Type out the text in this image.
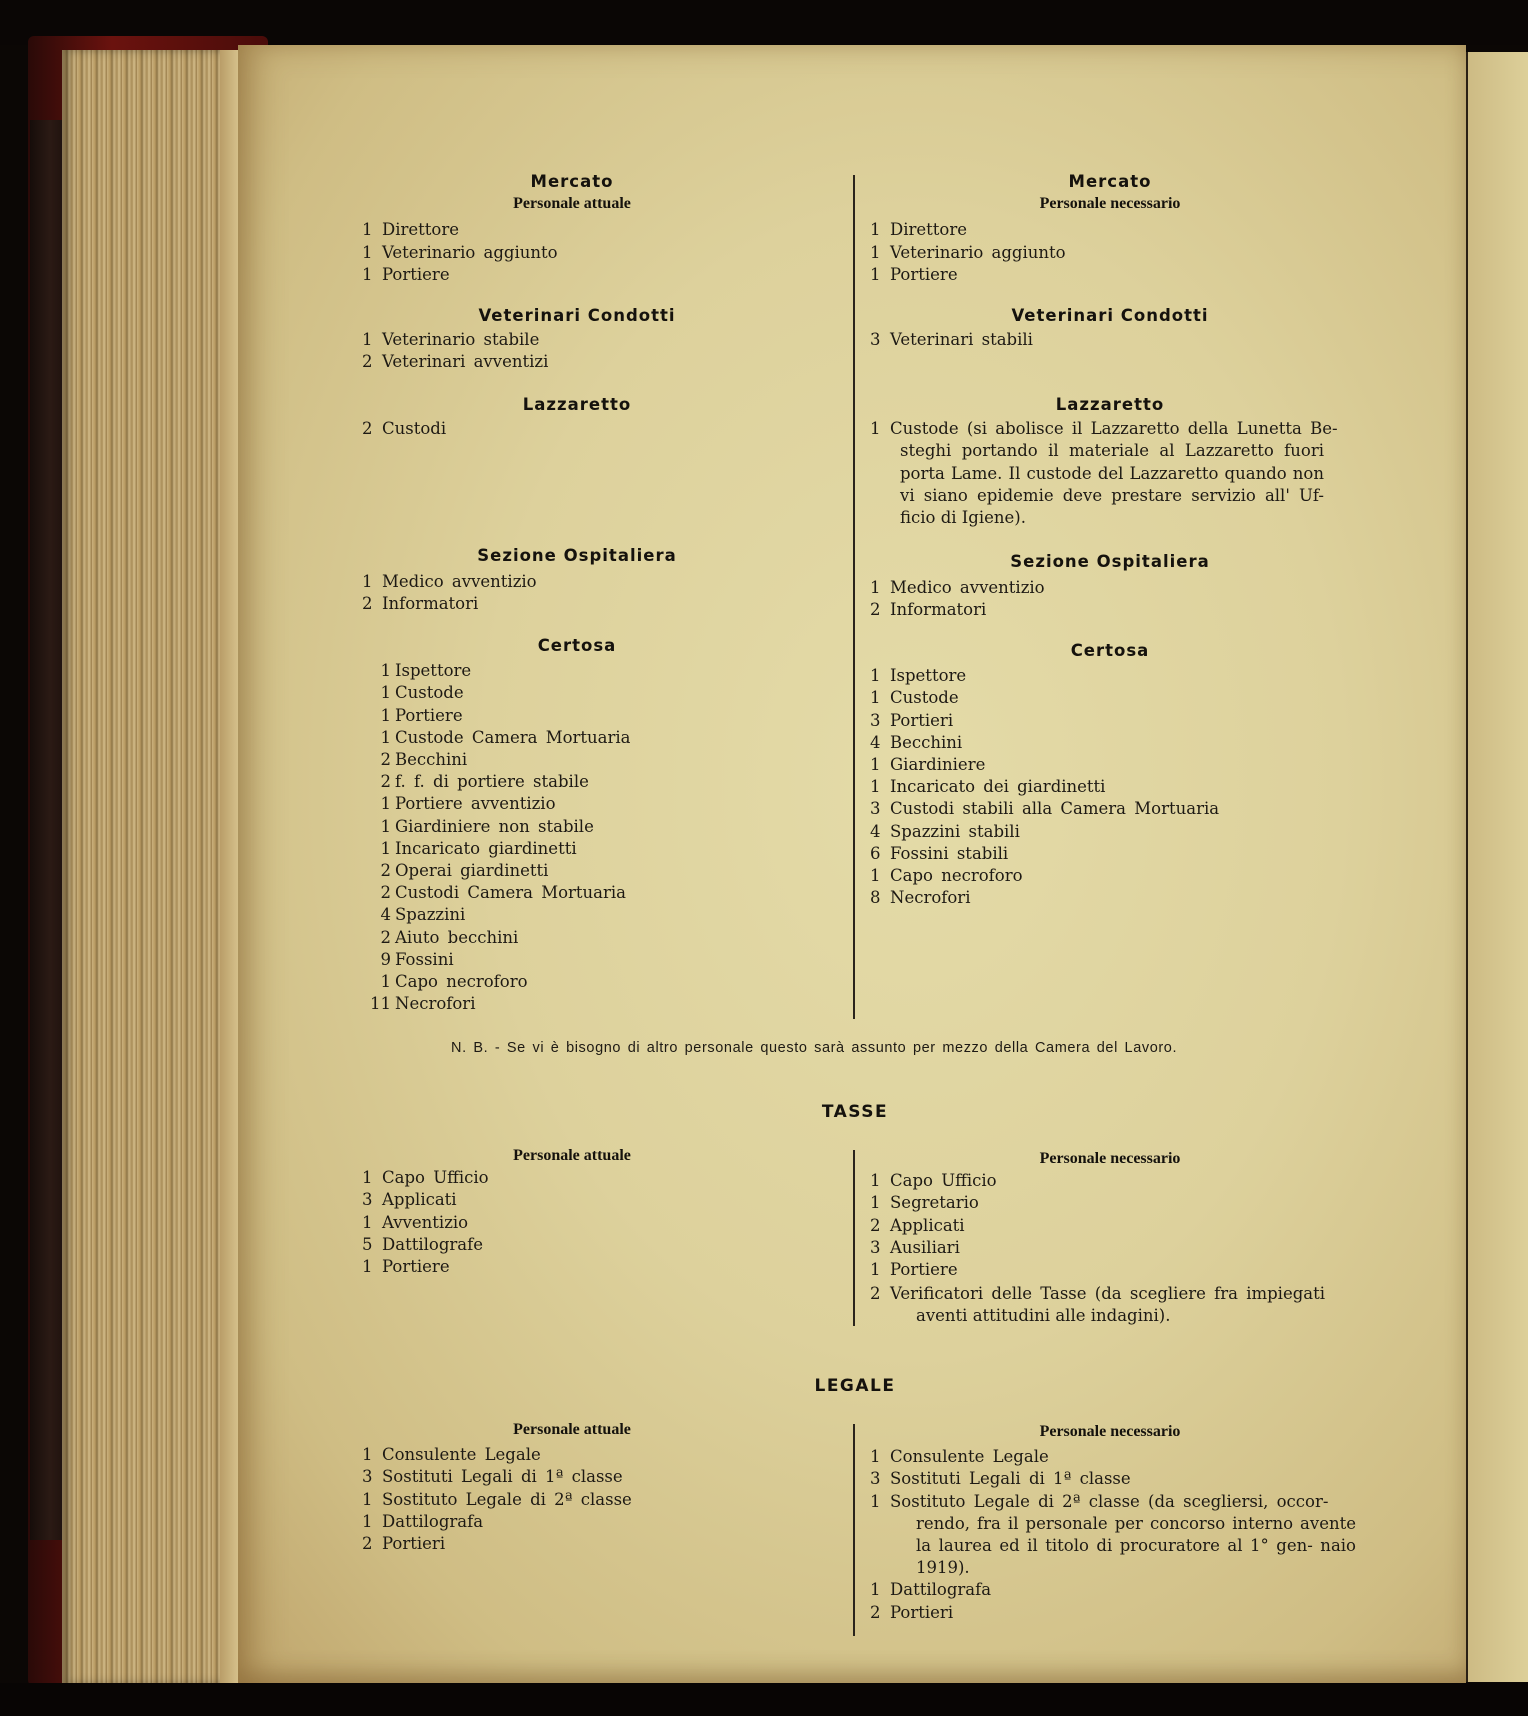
Mercato
Personale attuale
1 Direttore
1 Veterinario aggiunto
1 Portiere
Mercato
Personale necessario
1 Direttore
1 Veterinario aggiunto
1 Portiere
Veterinari Condotti
1 Veterinario stabile
2 Veterinari avventizi
Veterinari Condotti
3 Veterinari stabili
Lazzaretto
2 Custodi
Lazzaretto
1 Custode (si abolisce il Lazzaretto della Lunetta Be-
steghi portando il materiale al Lazzaretto fuori porta Lame. Il custode del Lazzaretto quando non vi siano epidemie deve prestare servizio all' Uf- ficio di Igiene).
Sezione Ospitaliera
1 Medico avventizio
2 Informatori
Sezione Ospitaliera
1 Medico avventizio
2 Informatori
Certosa
1 Ispettore
1 Custode
1 Portiere
1 Custode Camera Mortuaria
2 Becchini
2 f. f. di portiere stabile
1 Portiere avventizio
1 Giardiniere non stabile
1 Incaricato giardinetti
2 Operai giardinetti
2 Custodi Camera Mortuaria
4 Spazzini
2 Aiuto becchini
9 Fossini
1 Capo necroforo
11 Necrofori
Certosa
1 Ispettore
1 Custode
3 Portieri
4 Becchini
1 Giardiniere
1 Incaricato dei giardinetti
3 Custodi stabili alla Camera Mortuaria
4 Spazzini stabili
6 Fossini stabili
1 Capo necroforo
8 Necrofori
N. B. - Se vi è bisogno di altro personale questo sarà assunto per mezzo della Camera del Lavoro.
TASSE
Personale attuale
1 Capo Ufficio
3 Applicati
1 Avventizio
5 Dattilografe
1 Portiere
Personale necessario
1 Capo Ufficio
1 Segretario
2 Applicati
3 Ausiliari
1 Portiere
2 Verificatori delle Tasse (da scegliere fra impiegati
aventi attitudini alle indagini).
LEGALE
Personale attuale
1 Consulente Legale
3 Sostituti Legali di 1ª classe
1 Sostituto Legale di 2ª classe
1 Dattilografa
2 Portieri
Personale necessario
1 Consulente Legale
3 Sostituti Legali di 1ª classe
1 Sostituto Legale di 2ª classe (da scegliersi, occor-
rendo, fra il personale per concorso interno avente la laurea ed il titolo di procuratore al 1° gen- naio 1919).
1 Dattilografa
2 Portieri
